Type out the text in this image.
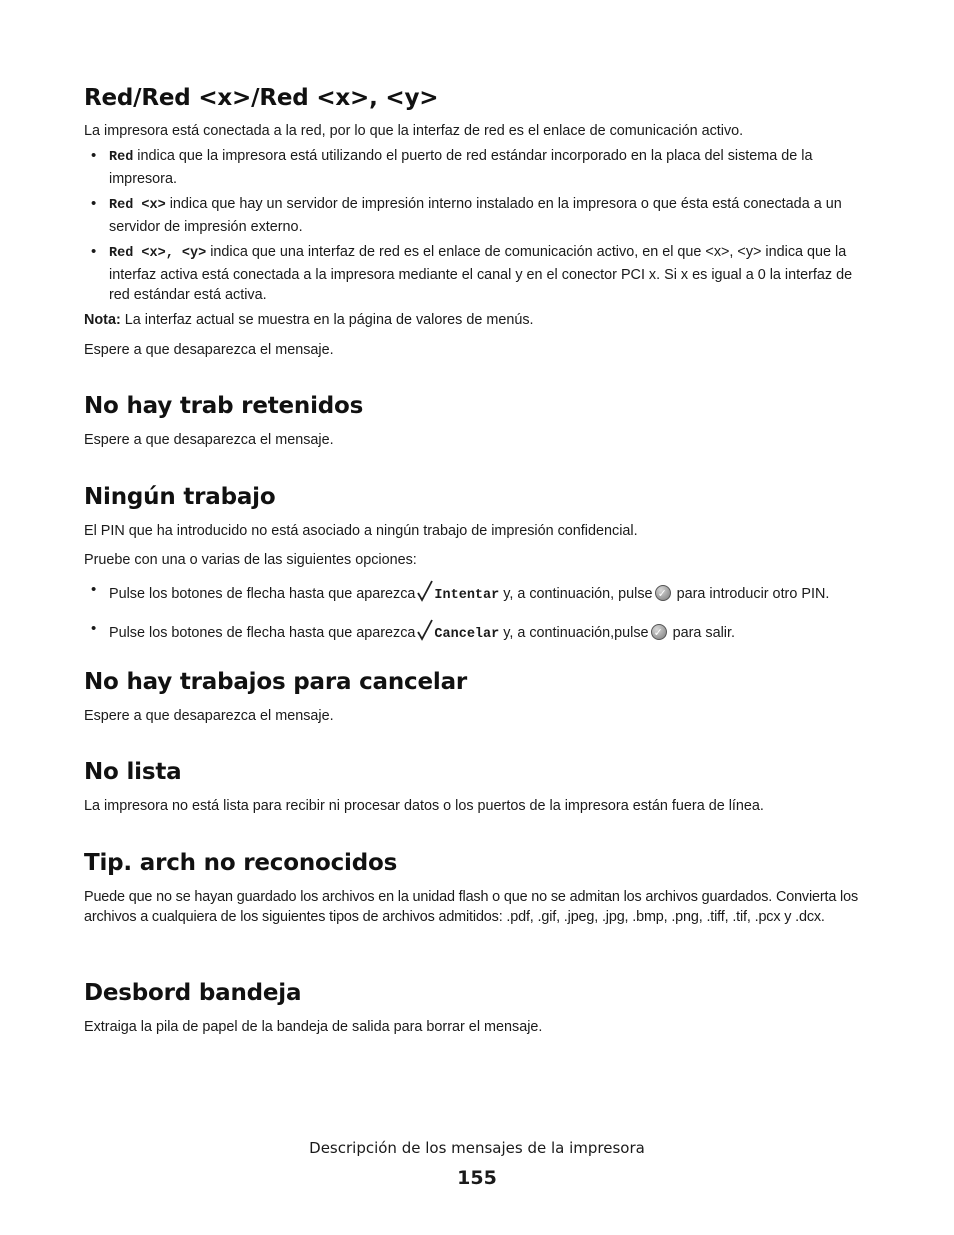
Red/Red <x>/Red <x>, <y>

La impresora está conectada a la red, por lo que la interfaz de red es el enlace de comunicación activo.

• Red indica que la impresora está utilizando el puerto de red estándar incorporado en la placa del sistema de la impresora.
• Red <x> indica que hay un servidor de impresión interno instalado en la impresora o que ésta está conectada a un servidor de impresión externo.
• Red <x>, <y> indica que una interfaz de red es el enlace de comunicación activo, en el que <x>, <y> indica que la interfaz activa está conectada a la impresora mediante el canal y en el conector PCI x. Si x es igual a 0 la interfaz de red estándar está activa.

Nota: La interfaz actual se muestra en la página de valores de menús.

Espere a que desaparezca el mensaje.

No hay trab retenidos

Espere a que desaparezca el mensaje.

Ningún trabajo

El PIN que ha introducido no está asociado a ningún trabajo de impresión confidencial.

Pruebe con una o varias de las siguientes opciones:

• Pulse los botones de flecha hasta que aparezca Intentar y, a continuación, pulse✓ para introducir otro PIN.
• Pulse los botones de flecha hasta que aparezca Cancelar y, a continuación,pulse✓ para salir.
No hay trabajos para cancelar

Espere a que desaparezca el mensaje.

No lista

La impresora no está lista para recibir ni procesar datos o los puertos de la impresora están fuera de línea.

Tip. arch no reconocidos

Puede que no se hayan guardado los archivos en la unidad flash o que no se admitan los archivos guardados. Convierta los archivos a cualquiera de los siguientes tipos de archivos admitidos: .pdf, .gif, .jpeg, .jpg, .bmp, .png, .tiff, .tif, .pcx y .dcx.

Desbord bandeja

Extraiga la pila de papel de la bandeja de salida para borrar el mensaje.

Descripción de los mensajes de la impresora
155
